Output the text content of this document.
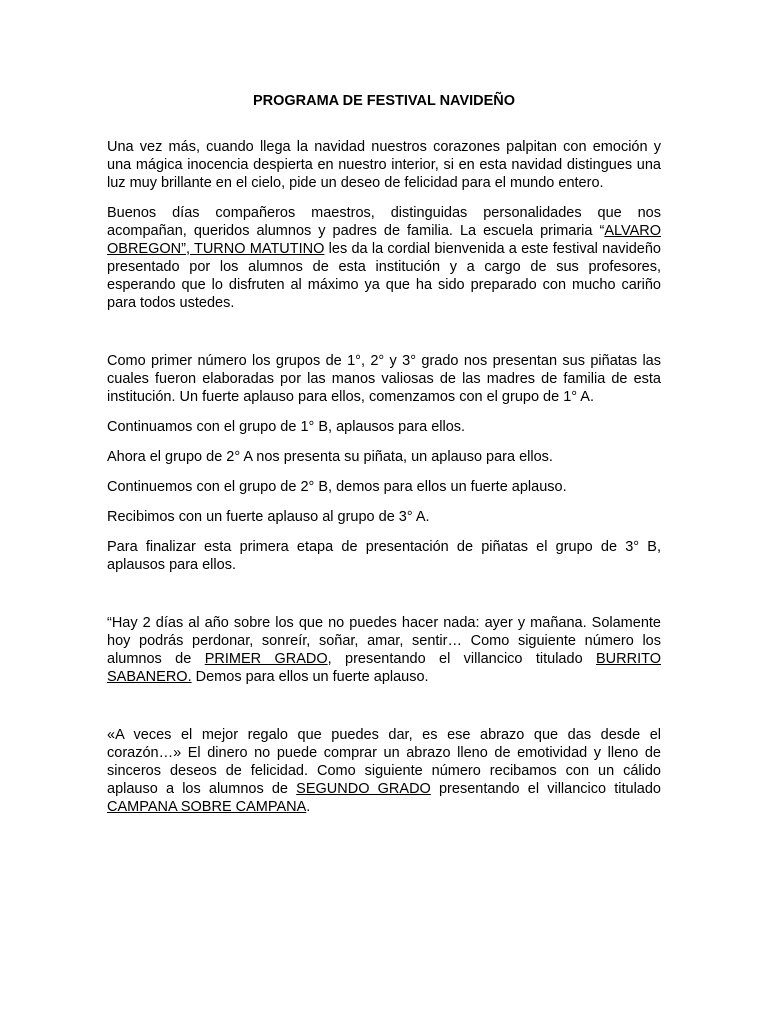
PROGRAMA DE FESTIVAL NAVIDEÑO

Una vez más, cuando llega la navidad nuestros corazones palpitan con emoción y una mágica inocencia despierta en nuestro interior, si en esta navidad distingues una luz muy brillante en el cielo, pide un deseo de felicidad para el mundo entero.

Buenos días compañeros maestros, distinguidas personalidades que nos acompañan, queridos alumnos y padres de familia. La escuela primaria “ALVARO OBREGON”, TURNO MATUTINO les da la cordial bienvenida a este festival navideño presentado por los alumnos de esta institución y a cargo de sus profesores, esperando que lo disfruten al máximo ya que ha sido preparado con mucho cariño para todos ustedes.

Como primer número los grupos de 1°, 2° y 3° grado nos presentan sus piñatas las cuales fueron elaboradas por las manos valiosas de las madres de familia de esta institución. Un fuerte aplauso para ellos, comenzamos con el grupo de 1° A.

Continuamos con el grupo de 1° B, aplausos para ellos.

Ahora el grupo de 2° A nos presenta su piñata, un aplauso para ellos.

Continuemos con el grupo de 2° B, demos para ellos un fuerte aplauso.

Recibimos con un fuerte aplauso al grupo de 3° A.

Para finalizar esta primera etapa de presentación de piñatas el grupo de 3° B, aplausos para ellos.

“Hay 2 días al año sobre los que no puedes hacer nada: ayer y mañana. Solamente hoy podrás perdonar, sonreír, soñar, amar, sentir… Como siguiente número los alumnos de PRIMER GRADO, presentando el villancico titulado BURRITO SABANERO. Demos para ellos un fuerte aplauso.

«A veces el mejor regalo que puedes dar, es ese abrazo que das desde el corazón…» El dinero no puede comprar un abrazo lleno de emotividad y lleno de sinceros deseos de felicidad. Como siguiente número recibamos con un cálido aplauso a los alumnos de SEGUNDO GRADO presentando el villancico titulado CAMPANA SOBRE CAMPANA.
